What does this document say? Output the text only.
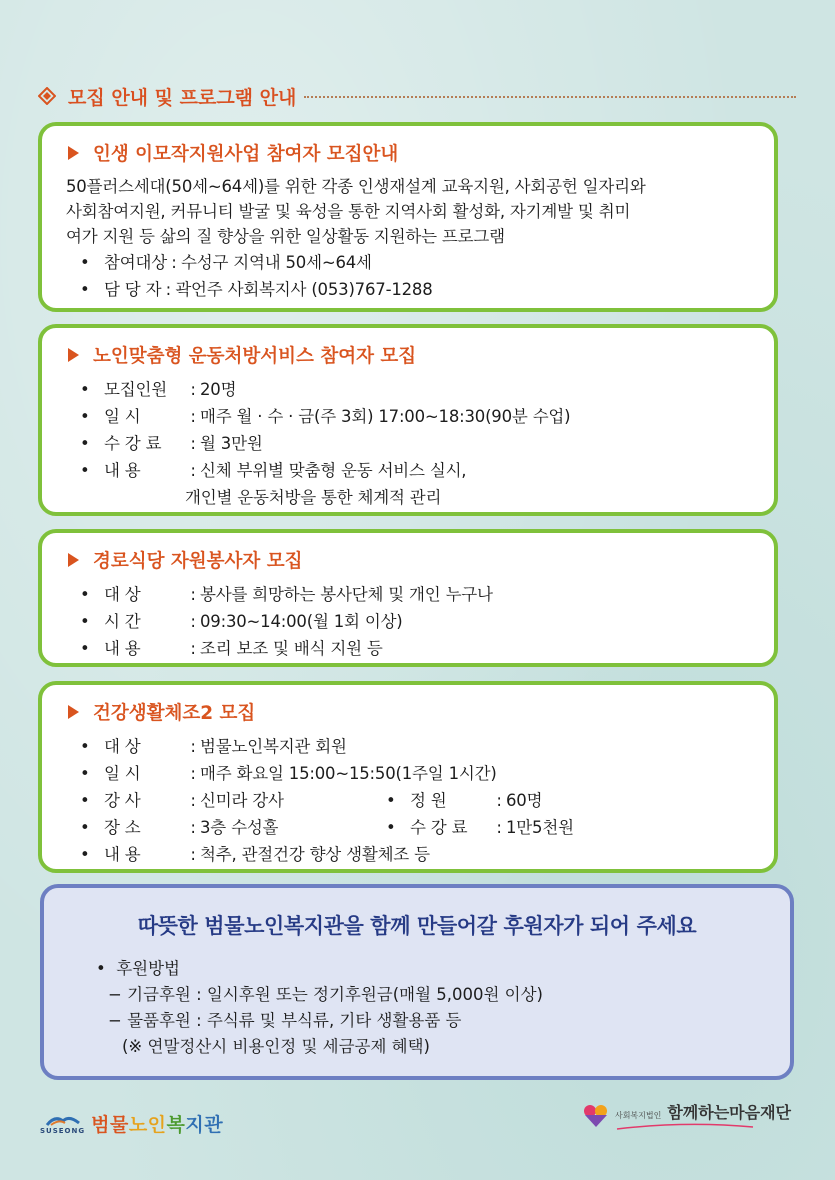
모집 안내 및 프로그램 안내
인생 이모작지원사업 참여자 모집안내
50플러스세대(50세~64세)를 위한 각종 인생재설계 교육지원, 사회공헌 일자리와
사회참여지원, 커뮤니티 발굴 및 육성을 통한 지역사회 활성화, 자기계발 및 취미
여가 지원 등 삶의 질 향상을 위한 일상활동 지원하는 프로그램
• 참여대상 : 수성구 지역내 50세~64세
• 담 당 자 : 곽언주 사회복지사 (053)767-1288
노인맞춤형 운동처방서비스 참여자 모집
• 모집인원	: 20명
• 일 시	: 매주 월 · 수 · 금(주 3회) 17:00~18:30(90분 수업)
• 수 강 료	: 월 3만원
• 내 용	: 신체 부위별 맞춤형 운동 서비스 실시,
개인별 운동처방을 통한 체계적 관리
경로식당 자원봉사자 모집
• 대 상	: 봉사를 희망하는 봉사단체 및 개인 누구나
• 시 간	: 09:30~14:00(월 1회 이상)
• 내 용	: 조리 보조 및 배식 지원 등
건강생활체조2 모집
• 대 상	: 범물노인복지관 회원
• 일 시	: 매주 화요일 15:00~15:50(1주일 1시간)
• 강 사	: 신미라 강사	• 정 원	: 60명
• 장 소	: 3층 수성홀	• 수 강 료	: 1만5천원
• 내 용	: 척추, 관절건강 향상 생활체조 등
따뜻한 범물노인복지관을 함께 만들어갈 후원자가 되어 주세요
•  후원방법
− 기금후원 : 일시후원 또는 정기후원금(매월 5,000원 이상)
− 물품후원 : 주식류 및 부식류, 기타 생활용품 등
(※ 연말정산시 비용인정 및 세금공제 혜택)
SUSEONG 범물노인복지관	사회복지법인 함께하는마음재단
